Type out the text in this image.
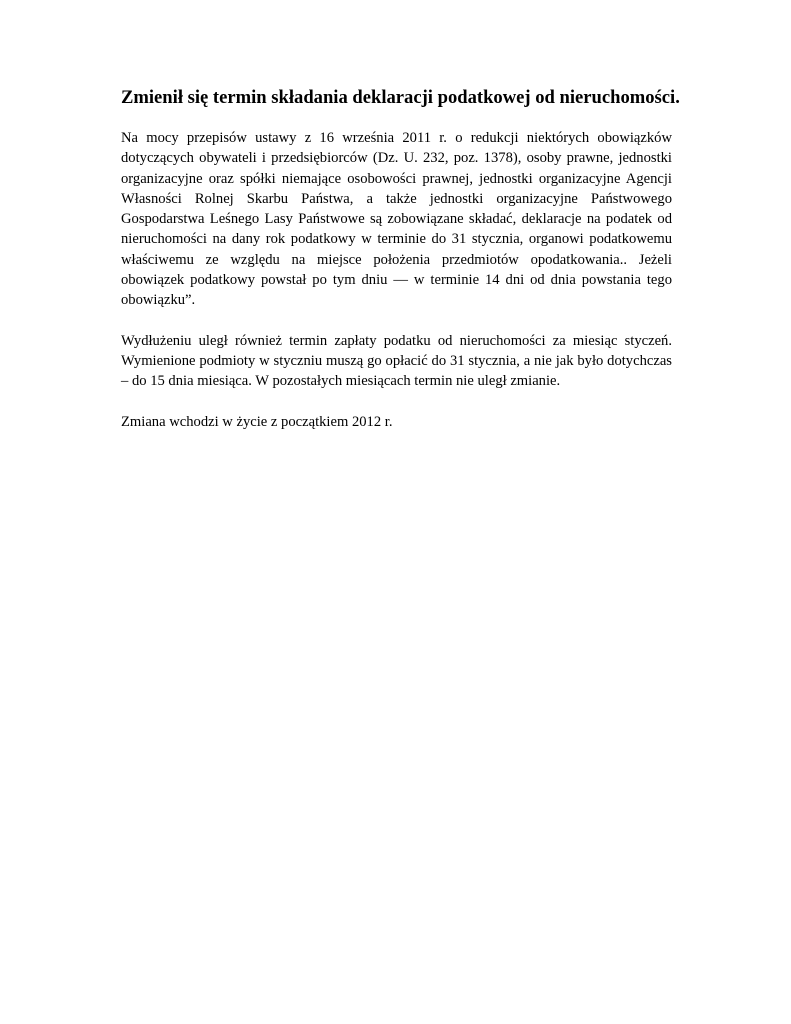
Zmienił się termin składania deklaracji podatkowej od nieruchomości.

Na mocy przepisów ustawy z 16 września 2011 r. o redukcji niektórych obowiązków dotyczących obywateli i przedsiębiorców (Dz. U. 232, poz. 1378), osoby prawne, jednostki organizacyjne oraz spółki niemające osobowości prawnej, jednostki organizacyjne Agencji Własności Rolnej Skarbu Państwa, a także jednostki organizacyjne Państwowego Gospodarstwa Leśnego Lasy Państwowe są zobowiązane składać, deklaracje na podatek od nieruchomości na dany rok podatkowy w terminie do 31 stycznia, organowi podatkowemu właściwemu ze względu na miejsce położenia przedmiotów opodatkowania.. Jeżeli obowiązek podatkowy powstał po tym dniu — w terminie 14 dni od dnia powstania tego obowiązku”.

Wydłużeniu uległ również termin zapłaty podatku od nieruchomości za miesiąc styczeń. Wymienione podmioty w styczniu muszą go opłacić do 31 stycznia, a nie jak było dotychczas – do 15 dnia miesiąca. W pozostałych miesiącach termin nie uległ zmianie.

Zmiana wchodzi w życie z początkiem 2012 r.
